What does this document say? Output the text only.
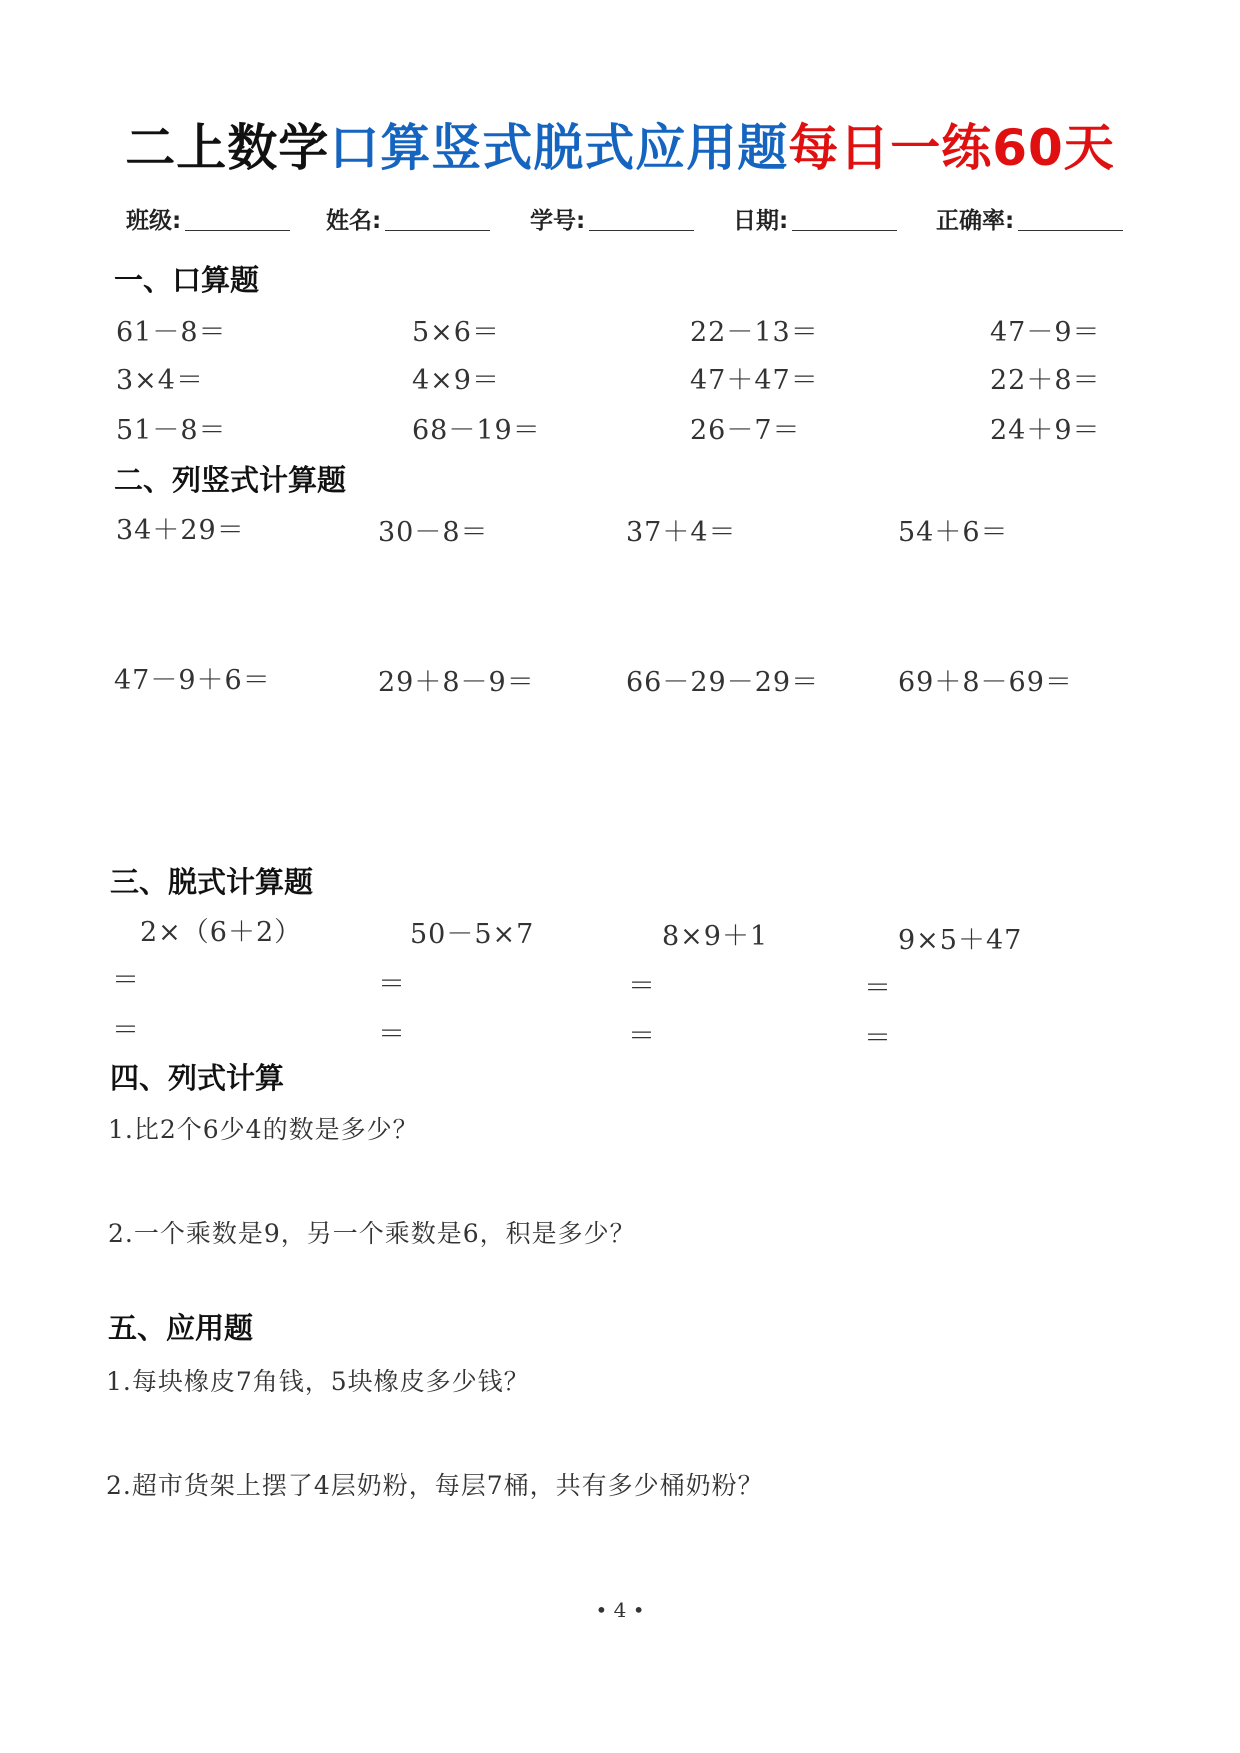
二上数学口算竖式脱式应用题每日一练60天
班级:	姓名:	学号:	日期:	正确率:
一、口算题
61－8＝	5×6＝	22－13＝	47－9＝
3×4＝	4×9＝	47＋47＝	22＋8＝
51－8＝	68－19＝	26－7＝	24＋9＝
二、列竖式计算题
34＋29＝	30－8＝	37＋4＝	54＋6＝
47－9＋6＝	29＋8－9＝	66－29－29＝	69＋8－69＝
三、脱式计算题
2×（6＋2）	50－5×7	8×9＋1	9×5＋47
＝	＝	＝	＝
＝	＝	＝	＝
四、列式计算
1.比2个6少4的数是多少？
2.一个乘数是9，另一个乘数是6，积是多少？
五、应用题
1.每块橡皮7角钱，5块橡皮多少钱？
2.超市货架上摆了4层奶粉，每层7桶，共有多少桶奶粉？
• 4 •
